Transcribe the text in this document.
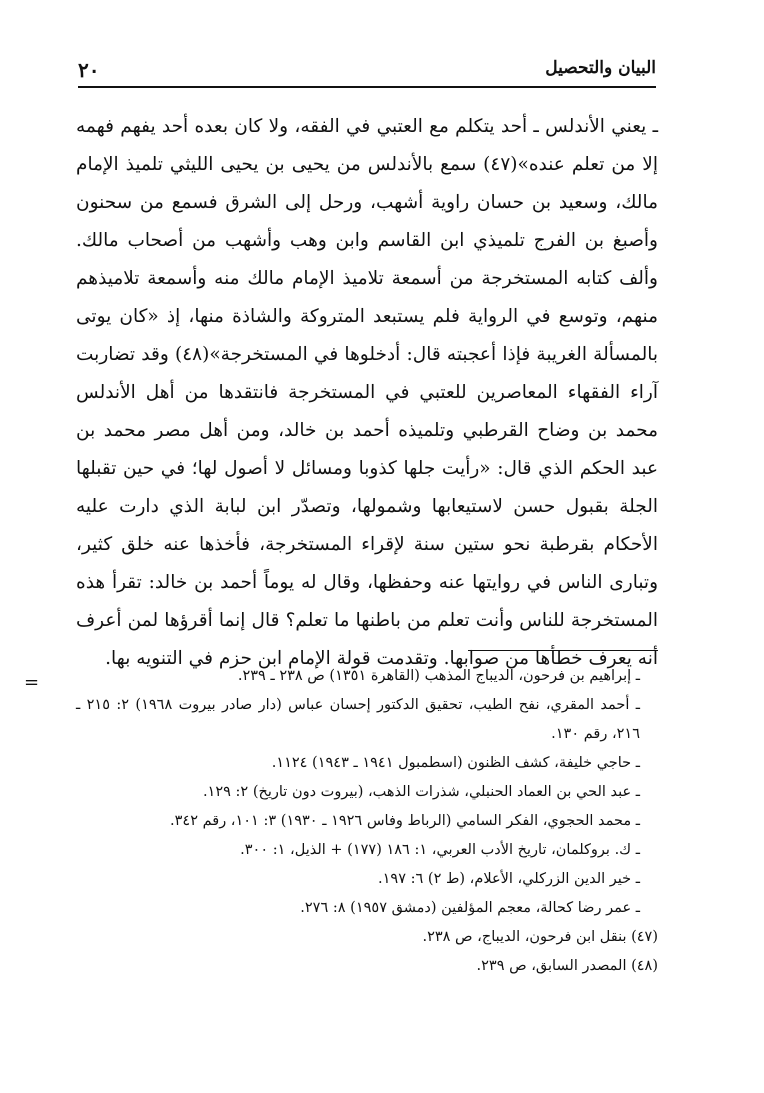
٢٠	البيان والتحصيل

ـ يعني الأندلس ـ أحد يتكلم مع العتبي في الفقه، ولا كان بعده أحد يفهم فهمه إلا من تعلم عنده»(٤٧) سمع بالأندلس من يحيى بن يحيى الليثي تلميذ الإمام مالك، وسعيد بن حسان راوية أشهب، ورحل إلى الشرق فسمع من سحنون وأصبغ بن الفرج تلميذي ابن القاسم وابن وهب وأشهب من أصحاب مالك. وألف كتابه المستخرجة من أسمعة تلاميذ الإمام مالك منه وأسمعة تلاميذهم منهم، وتوسع في الرواية فلم يستبعد المتروكة والشاذة منها، إذ «كان يوتى بالمسألة الغريبة فإذا أعجبته قال: أدخلوها في المستخرجة»(٤٨) وقد تضاربت آراء الفقهاء المعاصرين للعتبي في المستخرجة فانتقدها من أهل الأندلس محمد بن وضاح القرطبي وتلميذه أحمد بن خالد، ومن أهل مصر محمد بن عبد الحكم الذي قال: «رأيت جلها كذوبا ومسائل لا أصول لها؛ في حين تقبلها الجلة بقبول حسن لاستيعابها وشمولها، وتصدّر ابن لبابة الذي دارت عليه الأحكام بقرطبة نحو ستين سنة لإقراء المستخرجة، فأخذها عنه خلق كثير، وتبارى الناس في روايتها عنه وحفظها، وقال له يوماً أحمد بن خالد: تقرأ هذه المستخرجة للناس وأنت تعلم من باطنها ما تعلم؟ قال إنما أقرؤها لمن أعرف أنه يعرف خطأها من صوابها. وتقدمت قولة الإمام ابن حزم في التنويه بها.

=	ـ إبراهيم بن فرحون، الديباج المذهب (القاهرة ١٣٥١) ص ٢٣٨ ـ ٢٣٩.

ـ أحمد المقري، نفح الطيب، تحقيق الدكتور إحسان عباس (دار صادر بيروت ١٩٦٨) ٢: ٢١٥ ـ ٢١٦، رقم ١٣٠.

ـ حاجي خليفة، كشف الظنون (اسطمبول ١٩٤١ ـ ١٩٤٣) ١١٢٤.

ـ عبد الحي بن العماد الحنبلي، شذرات الذهب، (بيروت دون تاريخ) ٢: ١٢٩.

ـ محمد الحجوي، الفكر السامي (الرباط وفاس ١٩٢٦ ـ ١٩٣٠) ٣: ١٠١، رقم ٣٤٢.

ـ ك. بروكلمان، تاريخ الأدب العربي، ١: ١٨٦ (١٧٧) + الذيل، ١: ٣٠٠.

ـ خير الدين الزركلي، الأعلام، (ط ٢) ٦: ١٩٧.

ـ عمر رضا كحالة، معجم المؤلفين (دمشق ١٩٥٧) ٨: ٢٧٦.

(٤٧) بنقل ابن فرحون، الديباج، ص ٢٣٨.

(٤٨) المصدر السابق، ص ٢٣٩.
